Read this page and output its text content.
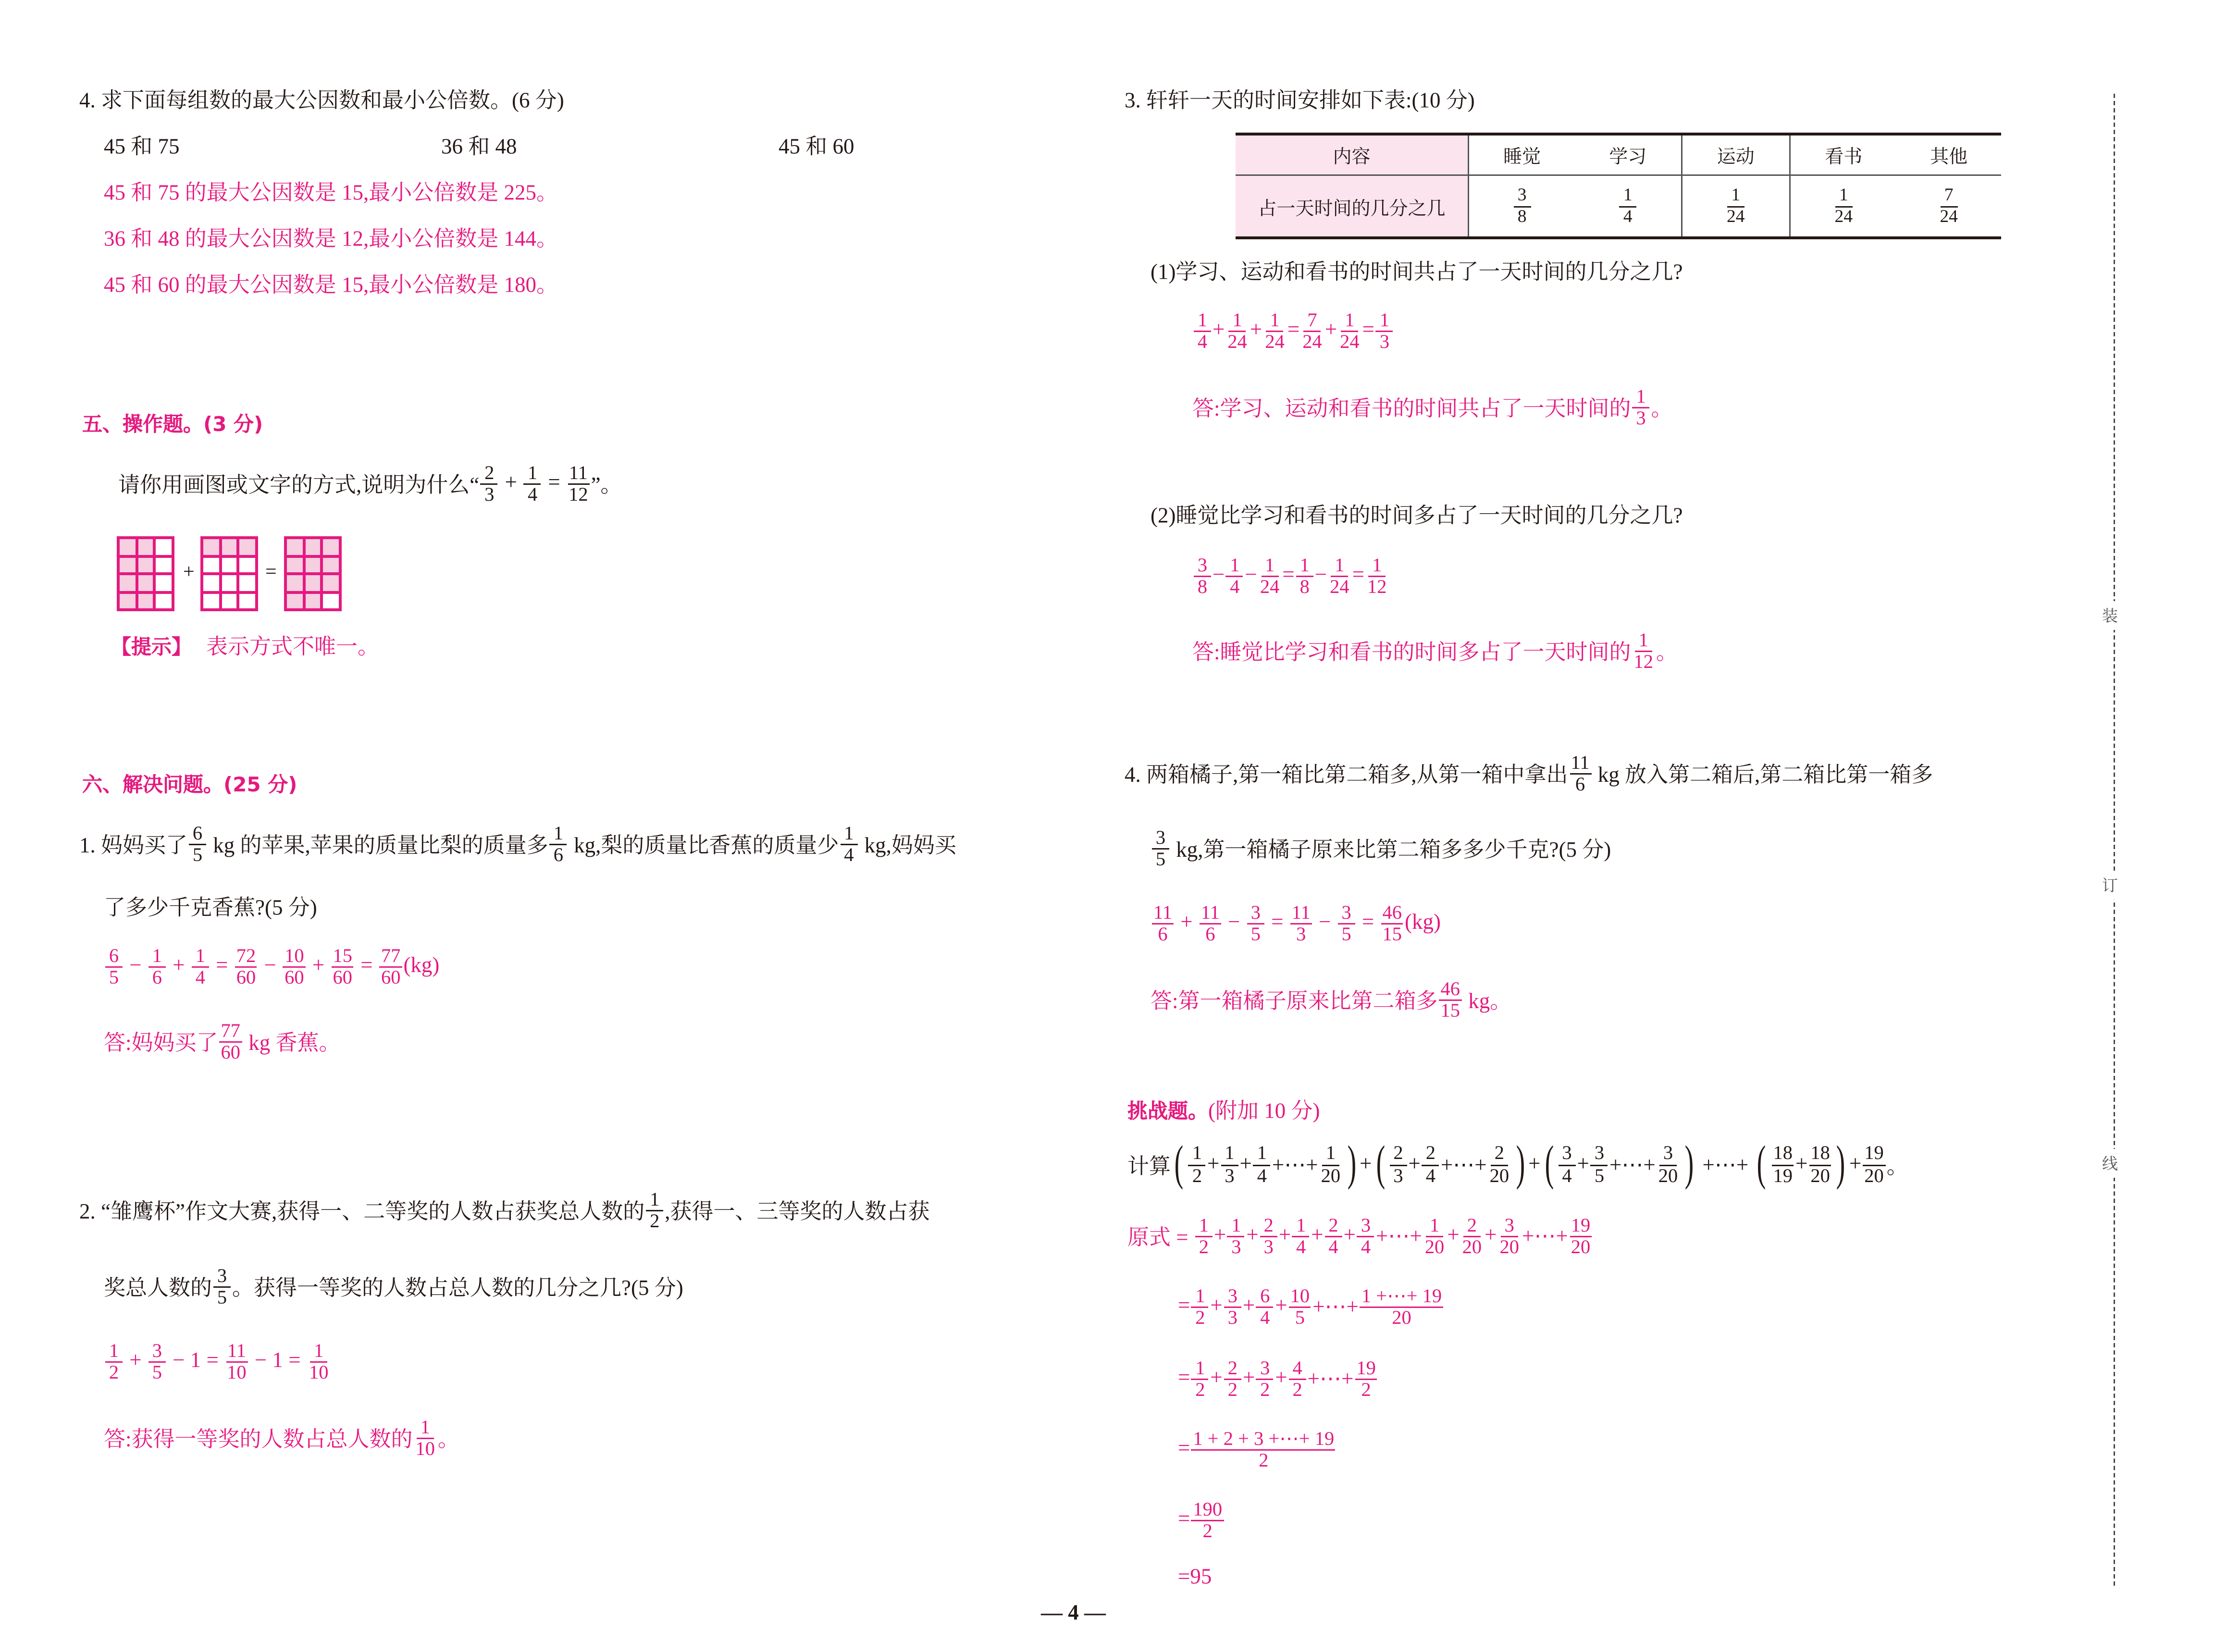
4. 求下面每组数的最大公因数和最小公倍数。(6 分)
45 和 75	36 和 48	45 和 60
45 和 75 的最大公因数是 15,最小公倍数是 225。
36 和 48 的最大公因数是 12,最小公倍数是 144。
45 和 60 的最大公因数是 15,最小公倍数是 180。
五、操作题。(3 分)
请你用画图或文字的方式,说明为什么“ $\frac{2}{3} + \frac{1}{4} = \frac{11}{12}$ ”。
+	=
【提示】 表示方式不唯一。
六、解决问题。(25 分)
1. 妈妈买了 $\frac{6}{5}$ kg 的苹果,苹果的质量比梨的质量多 $\frac{1}{6}$ kg,梨的质量比香蕉的质量少 $\frac{1}{4}$ kg,妈妈买
了多少千克香蕉?(5 分)
$\frac{6}{5} - \frac{1}{6} + \frac{1}{4} = \frac{72}{60} - \frac{10}{60} + \frac{15}{60} = \frac{77}{60} (kg)$
答:妈妈买了 $\frac{77}{60}$ kg 香蕉。
2. “雏鹰杯”作文大赛,获得一、二等奖的人数占获奖总人数的 $\frac{1}{2}$ ,获得一、三等奖的人数占获
奖总人数的 $\frac{3}{5}$ 。获得一等奖的人数占总人数的几分之几?(5 分)
$\frac{1}{2} + \frac{3}{5} - 1 = \frac{11}{10} - 1 = \frac{1}{10}$
答:获得一等奖的人数占总人数的 $\frac{1}{10}$ 。
3. 轩轩一天的时间安排如下表:(10 分)
内容	睡觉	学习	运动	看书	其他
占一天时间的几分之几	$\frac{3}{8}$	$\frac{1}{4}$	$\frac{1}{24}$	$\frac{1}{24}$	$\frac{7}{24}$
(1)学习、运动和看书的时间共占了一天时间的几分之几?
$\frac{1}{4} + \frac{1}{24} + \frac{1}{24} = \frac{7}{24} + \frac{1}{24} = \frac{1}{3}$
答:学习、运动和看书的时间共占了一天时间的 $\frac{1}{3}$ 。
(2)睡觉比学习和看书的时间多占了一天时间的几分之几?
$\frac{3}{8} - \frac{1}{4} - \frac{1}{24} = \frac{1}{8} - \frac{1}{24} = \frac{1}{12}$
答:睡觉比学习和看书的时间多占了一天时间的 $\frac{1}{12}$ 。
4. 两箱橘子,第一箱比第二箱多,从第一箱中拿出 $\frac{11}{6}$ kg 放入第二箱后,第二箱比第一箱多
$\frac{3}{5}$ kg,第一箱橘子原来比第二箱多多少千克?(5 分)
$\frac{11}{6} + \frac{11}{6} - \frac{3}{5} = \frac{11}{3} - \frac{3}{5} = \frac{46}{15} (kg)$
答:第一箱橘子原来比第二箱多 $\frac{46}{15}$ kg。
挑战题。 (附加 10 分)
计算 ( $\frac{1}{2} + \frac{1}{3} + \frac{1}{4}$ +⋯+ $\frac{1}{20}$ ) + ( $\frac{2}{3} + \frac{2}{4}$ +⋯+ $\frac{2}{20}$ ) + ( $\frac{3}{4} + \frac{3}{5}$ +⋯+ $\frac{3}{20}$ ) +⋯+ ( $\frac{18}{19} + \frac{18}{20}$ ) + $\frac{19}{20}$ 。
原式 = $\frac{1}{2} + \frac{1}{3} + \frac{2}{3} + \frac{1}{4} + \frac{2}{4} + \frac{3}{4}$ +⋯+ $\frac{1}{20} + \frac{2}{20} + \frac{3}{20}$ +⋯+ $\frac{19}{20}$
= $\frac{1}{2} + \frac{3}{3} + \frac{6}{4} + \frac{10}{5}$ +⋯+ $\frac{1 +\cdots+ 19}{20}$
= $\frac{1}{2} + \frac{2}{2} + \frac{3}{2} + \frac{4}{2}$ +⋯+ $\frac{19}{2}$
= $\frac{1 + 2 + 3 +\cdots+ 19}{2}$
= $\frac{190}{2}$
=95
装
订
线
— 4 —
